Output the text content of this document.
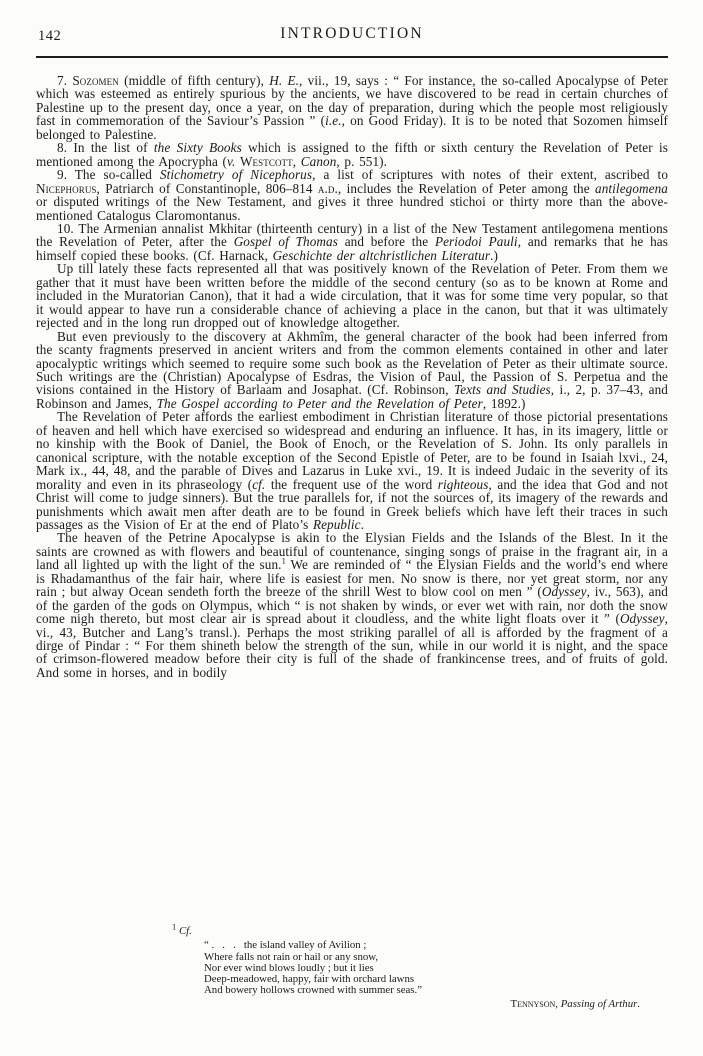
142	INTRODUCTION

7. Sozomen (middle of fifth century), H. E., vii., 19, says : “ For instance, the so-called Apocalypse of Peter which was esteemed as entirely spurious by the ancients, we have discovered to be read in certain churches of Palestine up to the present day, once a year, on the day of preparation, during which the people most religiously fast in commemoration of the Saviour’s Passion ” (i.e., on Good Friday). It is to be noted that Sozomen himself belonged to Palestine.

8. In the list of the Sixty Books which is assigned to the fifth or sixth century the Revelation of Peter is mentioned among the Apocrypha (v. Westcott, Canon, p. 551).

9. The so-called Stichometry of Nicephorus, a list of scriptures with notes of their extent, ascribed to Nicephorus, Patriarch of Constantinople, 806–814 a.d., includes the Revelation of Peter among the antilegomena or disputed writings of the New Testament, and gives it three hundred stichoi or thirty more than the above-mentioned Catalogus Claromontanus.

10. The Armenian annalist Mkhitar (thirteenth century) in a list of the New Testament antilegomena mentions the Revelation of Peter, after the Gospel of Thomas and before the Periodoi Pauli, and remarks that he has himself copied these books. (Cf. Harnack, Geschichte der altchristlichen Literatur.)

Up till lately these facts represented all that was positively known of the Revelation of Peter. From them we gather that it must have been written before the middle of the second century (so as to be known at Rome and included in the Muratorian Canon), that it had a wide circulation, that it was for some time very popular, so that it would appear to have run a considerable chance of achieving a place in the canon, but that it was ultimately rejected and in the long run dropped out of knowledge altogether.

But even previously to the discovery at Akhmîm, the general character of the book had been inferred from the scanty fragments preserved in ancient writers and from the common elements contained in other and later apocalyptic writings which seemed to require some such book as the Revelation of Peter as their ultimate source. Such writings are the (Christian) Apocalypse of Esdras, the Vision of Paul, the Passion of S. Perpetua and the visions contained in the History of Barlaam and Josaphat. (Cf. Robinson, Texts and Studies, i., 2, p. 37–43, and Robinson and James, The Gospel according to Peter and the Revelation of Peter, 1892.)

The Revelation of Peter affords the earliest embodiment in Christian literature of those pictorial presentations of heaven and hell which have exercised so widespread and enduring an influence. It has, in its imagery, little or no kinship with the Book of Daniel, the Book of Enoch, or the Revelation of S. John. Its only parallels in canonical scripture, with the notable exception of the Second Epistle of Peter, are to be found in Isaiah lxvi., 24, Mark ix., 44, 48, and the parable of Dives and Lazarus in Luke xvi., 19. It is indeed Judaic in the severity of its morality and even in its phraseology (cf. the frequent use of the word righteous, and the idea that God and not Christ will come to judge sinners). But the true parallels for, if not the sources of, its imagery of the rewards and punishments which await men after death are to be found in Greek beliefs which have left their traces in such passages as the Vision of Er at the end of Plato’s Republic.

The heaven of the Petrine Apocalypse is akin to the Elysian Fields and the Islands of the Blest. In it the saints are crowned as with flowers and beautiful of countenance, singing songs of praise in the fragrant air, in a land all lighted up with the light of the sun.$^1$ We are reminded of “ the Elysian Fields and the world’s end where is Rhadamanthus of the fair hair, where life is easiest for men. No snow is there, nor yet great storm, nor any rain ; but alway Ocean sendeth forth the breeze of the shrill West to blow cool on men ” (Odyssey, iv., 563), and of the garden of the gods on Olympus, which “ is not shaken by winds, or ever wet with rain, nor doth the snow come nigh thereto, but most clear air is spread about it cloudless, and the white light floats over it ” (Odyssey, vi., 43, Butcher and Lang’s transl.). Perhaps the most striking parallel of all is afforded by the fragment of a dirge of Pindar : “ For them shineth below the strength of the sun, while in our world it is night, and the space of crimson-flowered meadow before their city is full of the shade of frankincense trees, and of fruits of gold. And some in horses, and in bodily

$^1$ Cf.
“ .   .   .   the island valley of Avilion ;
Where falls not rain or hail or any snow,
Nor ever wind blows loudly ; but it lies
Deep-meadowed, happy, fair with orchard lawns
And bowery hollows crowned with summer seas.”
Tennyson, Passing of Arthur.
